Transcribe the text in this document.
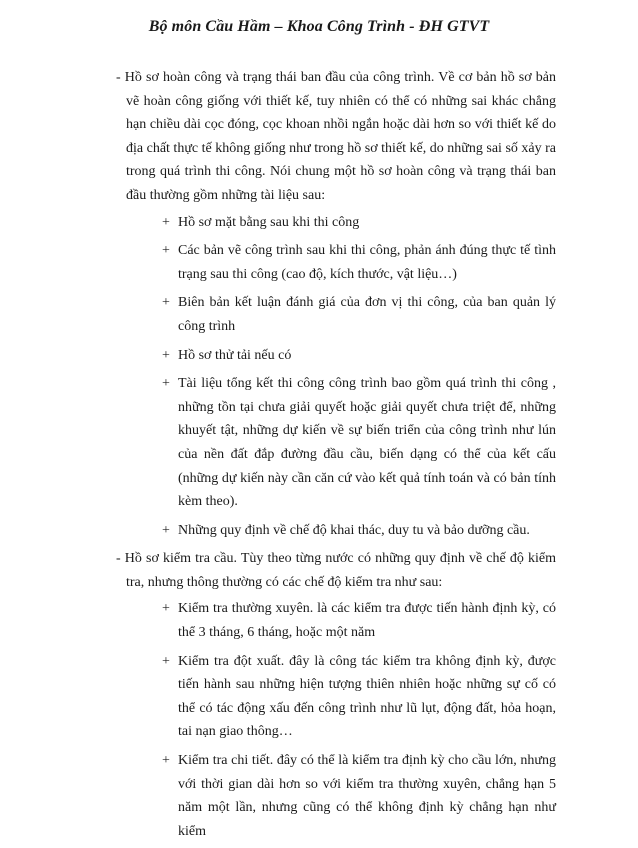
Bộ môn Cầu Hầm – Khoa Công Trình - ĐH GTVT

- Hồ sơ hoàn công và trạng thái ban đầu của công trình. Về cơ bản hồ sơ bản vẽ hoàn công giống với thiết kế, tuy nhiên có thể có những sai khác chẳng hạn chiều dài cọc đóng, cọc khoan nhồi ngắn hoặc dài hơn so với thiết kế do địa chất thực tế không giống như trong hồ sơ thiết kế, do những sai số xảy ra trong quá trình thi công. Nói chung một hồ sơ hoàn công và trạng thái ban đầu thường gồm những tài liệu sau:

+ Hồ sơ mặt bằng sau khi thi công
+ Các bản vẽ công trình sau khi thi công, phản ánh đúng thực tế tình trạng sau thi công (cao độ, kích thước, vật liệu…)
+ Biên bản kết luận đánh giá của đơn vị thi công, của ban quản lý công trình
+ Hồ sơ thử tải nếu có
+ Tài liệu tổng kết thi công công trình bao gồm quá trình thi công , những tồn tại chưa giải quyết hoặc giải quyết chưa triệt để, những khuyết tật, những dự kiến về sự biến triển của công trình như lún của nền đất đắp đường đầu cầu, biến dạng có thể của kết cấu (những dự kiến này cần căn cứ vào kết quả tính toán và có bản tính kèm theo).
+ Những quy định về chế độ khai thác, duy tu và bảo dưỡng cầu.

- Hồ sơ kiểm tra cầu. Tùy theo từng nước có những quy định về chế độ kiểm tra, nhưng thông thường có các chế độ kiểm tra như sau:

+ Kiểm tra thường xuyên. là các kiểm tra được tiến hành định kỳ, có thể 3 tháng, 6 tháng, hoặc một năm
+ Kiểm tra đột xuất. đây là công tác kiểm tra không định kỳ, được tiến hành sau những hiện tượng thiên nhiên hoặc những sự cố có thể có tác động xấu đến công trình như lũ lụt, động đất, hỏa hoạn, tai nạn giao thông…
+ Kiểm tra chi tiết. đây có thể là kiểm tra định kỳ cho cầu lớn, nhưng với thời gian dài hơn so với kiểm tra thường xuyên, chẳng hạn 5 năm một lần, nhưng cũng có thể không định kỳ chẳng hạn như kiểm
